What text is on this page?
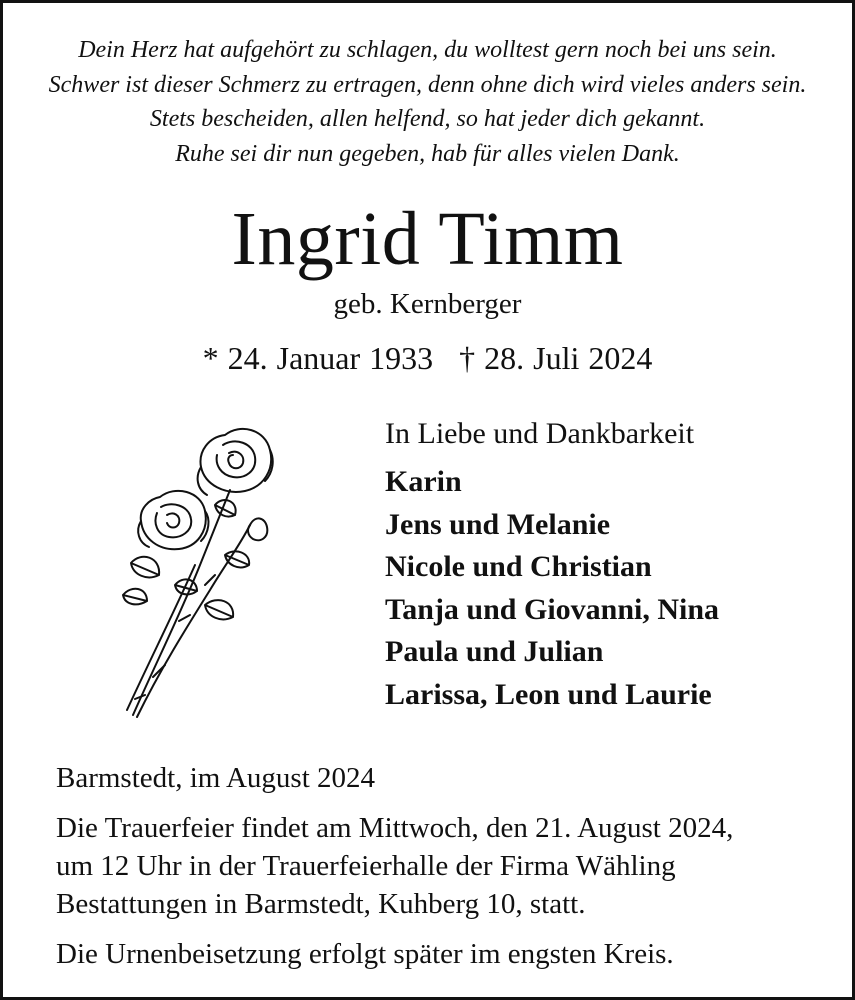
Dein Herz hat aufgehört zu schlagen, du wolltest gern noch bei uns sein.
Schwer ist dieser Schmerz zu ertragen, denn ohne dich wird vieles anders sein.
Stets bescheiden, allen helfend, so hat jeder dich gekannt.
Ruhe sei dir nun gegeben, hab für alles vielen Dank.
Ingrid Timm
geb. Kernberger
* 24. Januar 1933 † 28. Juli 2024
In Liebe und Dankbarkeit
Karin
Jens und Melanie
Nicole und Christian
Tanja und Giovanni, Nina
Paula und Julian
Larissa, Leon und Laurie
Barmstedt, im August 2024
Die Trauerfeier findet am Mittwoch, den 21. August 2024,
um 12 Uhr in der Trauerfeierhalle der Firma Wähling
Bestattungen in Barmstedt, Kuhberg 10, statt.
Die Urnenbeisetzung erfolgt später im engsten Kreis.
